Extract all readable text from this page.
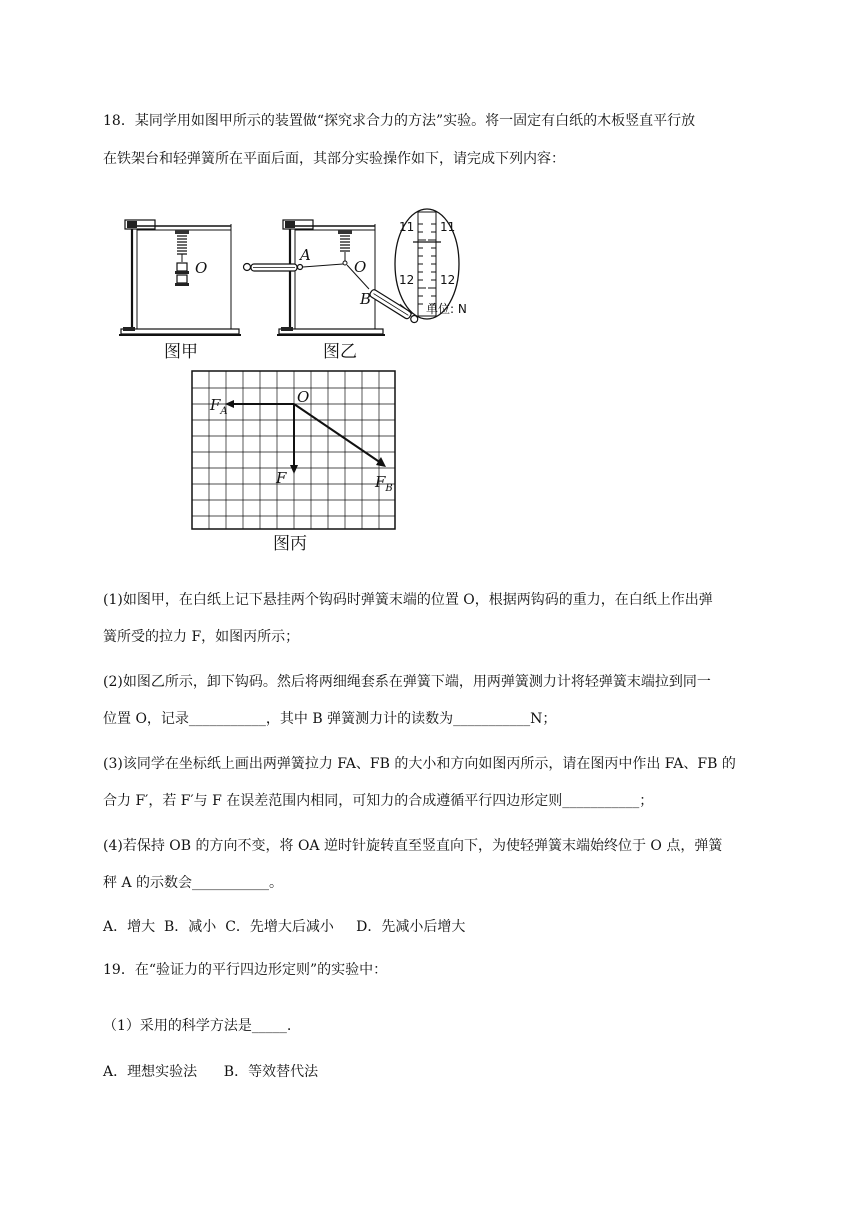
18．某同学用如图甲所示的装置做“探究求合力的方法”实验。将一固定有白纸的木板竖直平行放
在铁架台和轻弹簧所在平面后面，其部分实验操作如下，请完成下列内容：
O
图甲
A
O
B
11 11
12 12
单位: N
图乙
O
$F_A$
F	$F_B$
图丙
(1)如图甲，在白纸上记下悬挂两个钩码时弹簧末端的位置 O，根据两钩码的重力，在白纸上作出弹
簧所受的拉力 F，如图丙所示；
(2)如图乙所示，卸下钩码。然后将两细绳套系在弹簧下端，用两弹簧测力计将轻弹簧末端拉到同一
位置 O，记录___________，其中 B 弹簧测力计的读数为___________N；
(3)该同学在坐标纸上画出两弹簧拉力 FA、FB 的大小和方向如图丙所示，请在图丙中作出 FA、FB 的
合力 F′，若 F′与 F 在误差范围内相同，可知力的合成遵循平行四边形定则___________；
(4)若保持 OB 的方向不变，将 OA 逆时针旋转直至竖直向下，为使轻弹簧末端始终位于 O 点，弹簧
秤 A 的示数会___________。
A．增大  B．减小  C．先增大后减小     D．先减小后增大
19．在“验证力的平行四边形定则”的实验中：
（1）采用的科学方法是_____.
A．理想实验法      B．等效替代法
